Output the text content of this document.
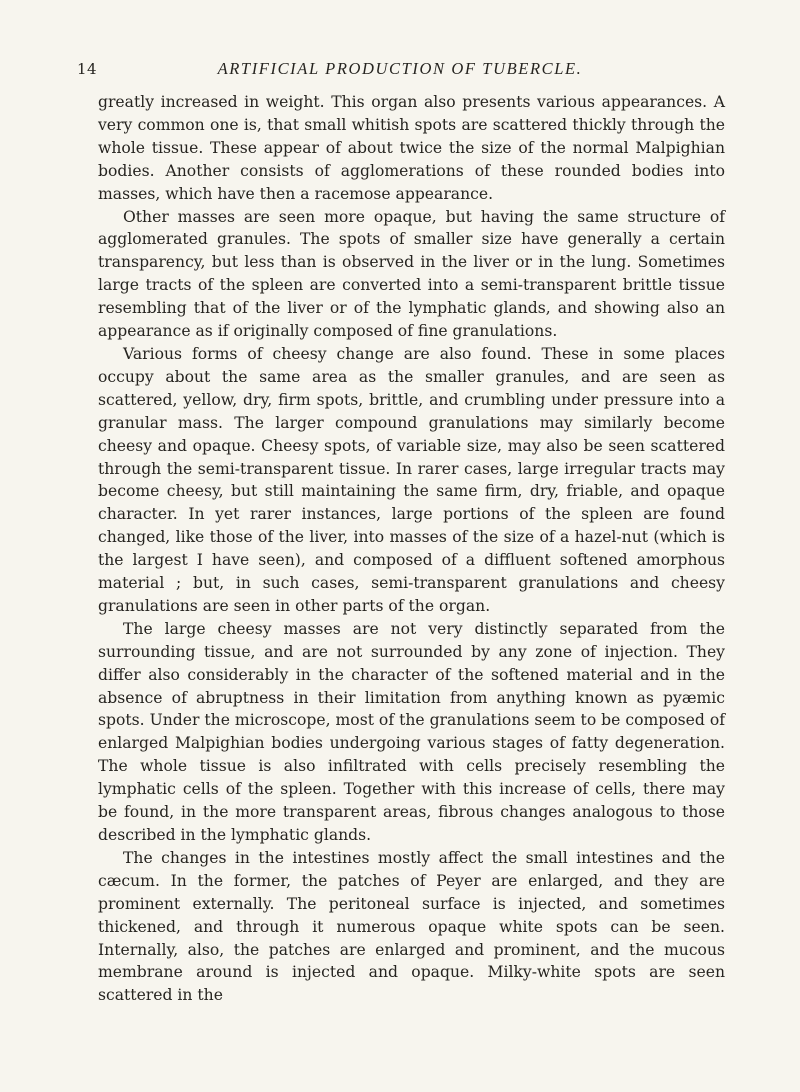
14	ARTIFICIAL PRODUCTION OF TUBERCLE.

greatly increased in weight. This organ also presents various appearances. A very common one is, that small whitish spots are scattered thickly through the whole tissue. These appear of about twice the size of the normal Malpighian bodies. Another consists of agglomerations of these rounded bodies into masses, which have then a racemose appearance.

Other masses are seen more opaque, but having the same structure of agglomerated granules. The spots of smaller size have generally a certain transparency, but less than is observed in the liver or in the lung. Sometimes large tracts of the spleen are converted into a semi-transparent brittle tissue resembling that of the liver or of the lymphatic glands, and showing also an appearance as if originally composed of fine granulations.

Various forms of cheesy change are also found. These in some places occupy about the same area as the smaller granules, and are seen as scattered, yellow, dry, firm spots, brittle, and crumbling under pressure into a granular mass. The larger compound granulations may similarly become cheesy and opaque. Cheesy spots, of variable size, may also be seen scattered through the semi-transparent tissue. In rarer cases, large irregular tracts may become cheesy, but still maintaining the same firm, dry, friable, and opaque character. In yet rarer instances, large portions of the spleen are found changed, like those of the liver, into masses of the size of a hazel-nut (which is the largest I have seen), and composed of a diffluent softened amorphous material ; but, in such cases, semi-transparent granulations and cheesy granulations are seen in other parts of the organ.

The large cheesy masses are not very distinctly separated from the surrounding tissue, and are not surrounded by any zone of injection. They differ also considerably in the character of the softened material and in the absence of abruptness in their limitation from anything known as pyæmic spots. Under the microscope, most of the granulations seem to be composed of enlarged Malpighian bodies undergoing various stages of fatty degeneration. The whole tissue is also infiltrated with cells precisely resembling the lymphatic cells of the spleen. Together with this increase of cells, there may be found, in the more transparent areas, fibrous changes analogous to those described in the lymphatic glands.

The changes in the intestines mostly affect the small intestines and the cæcum. In the former, the patches of Peyer are enlarged, and they are prominent externally. The peritoneal surface is injected, and sometimes thickened, and through it numerous opaque white spots can be seen. Internally, also, the patches are enlarged and prominent, and the mucous membrane around is injected and opaque. Milky-white spots are seen scattered in the
